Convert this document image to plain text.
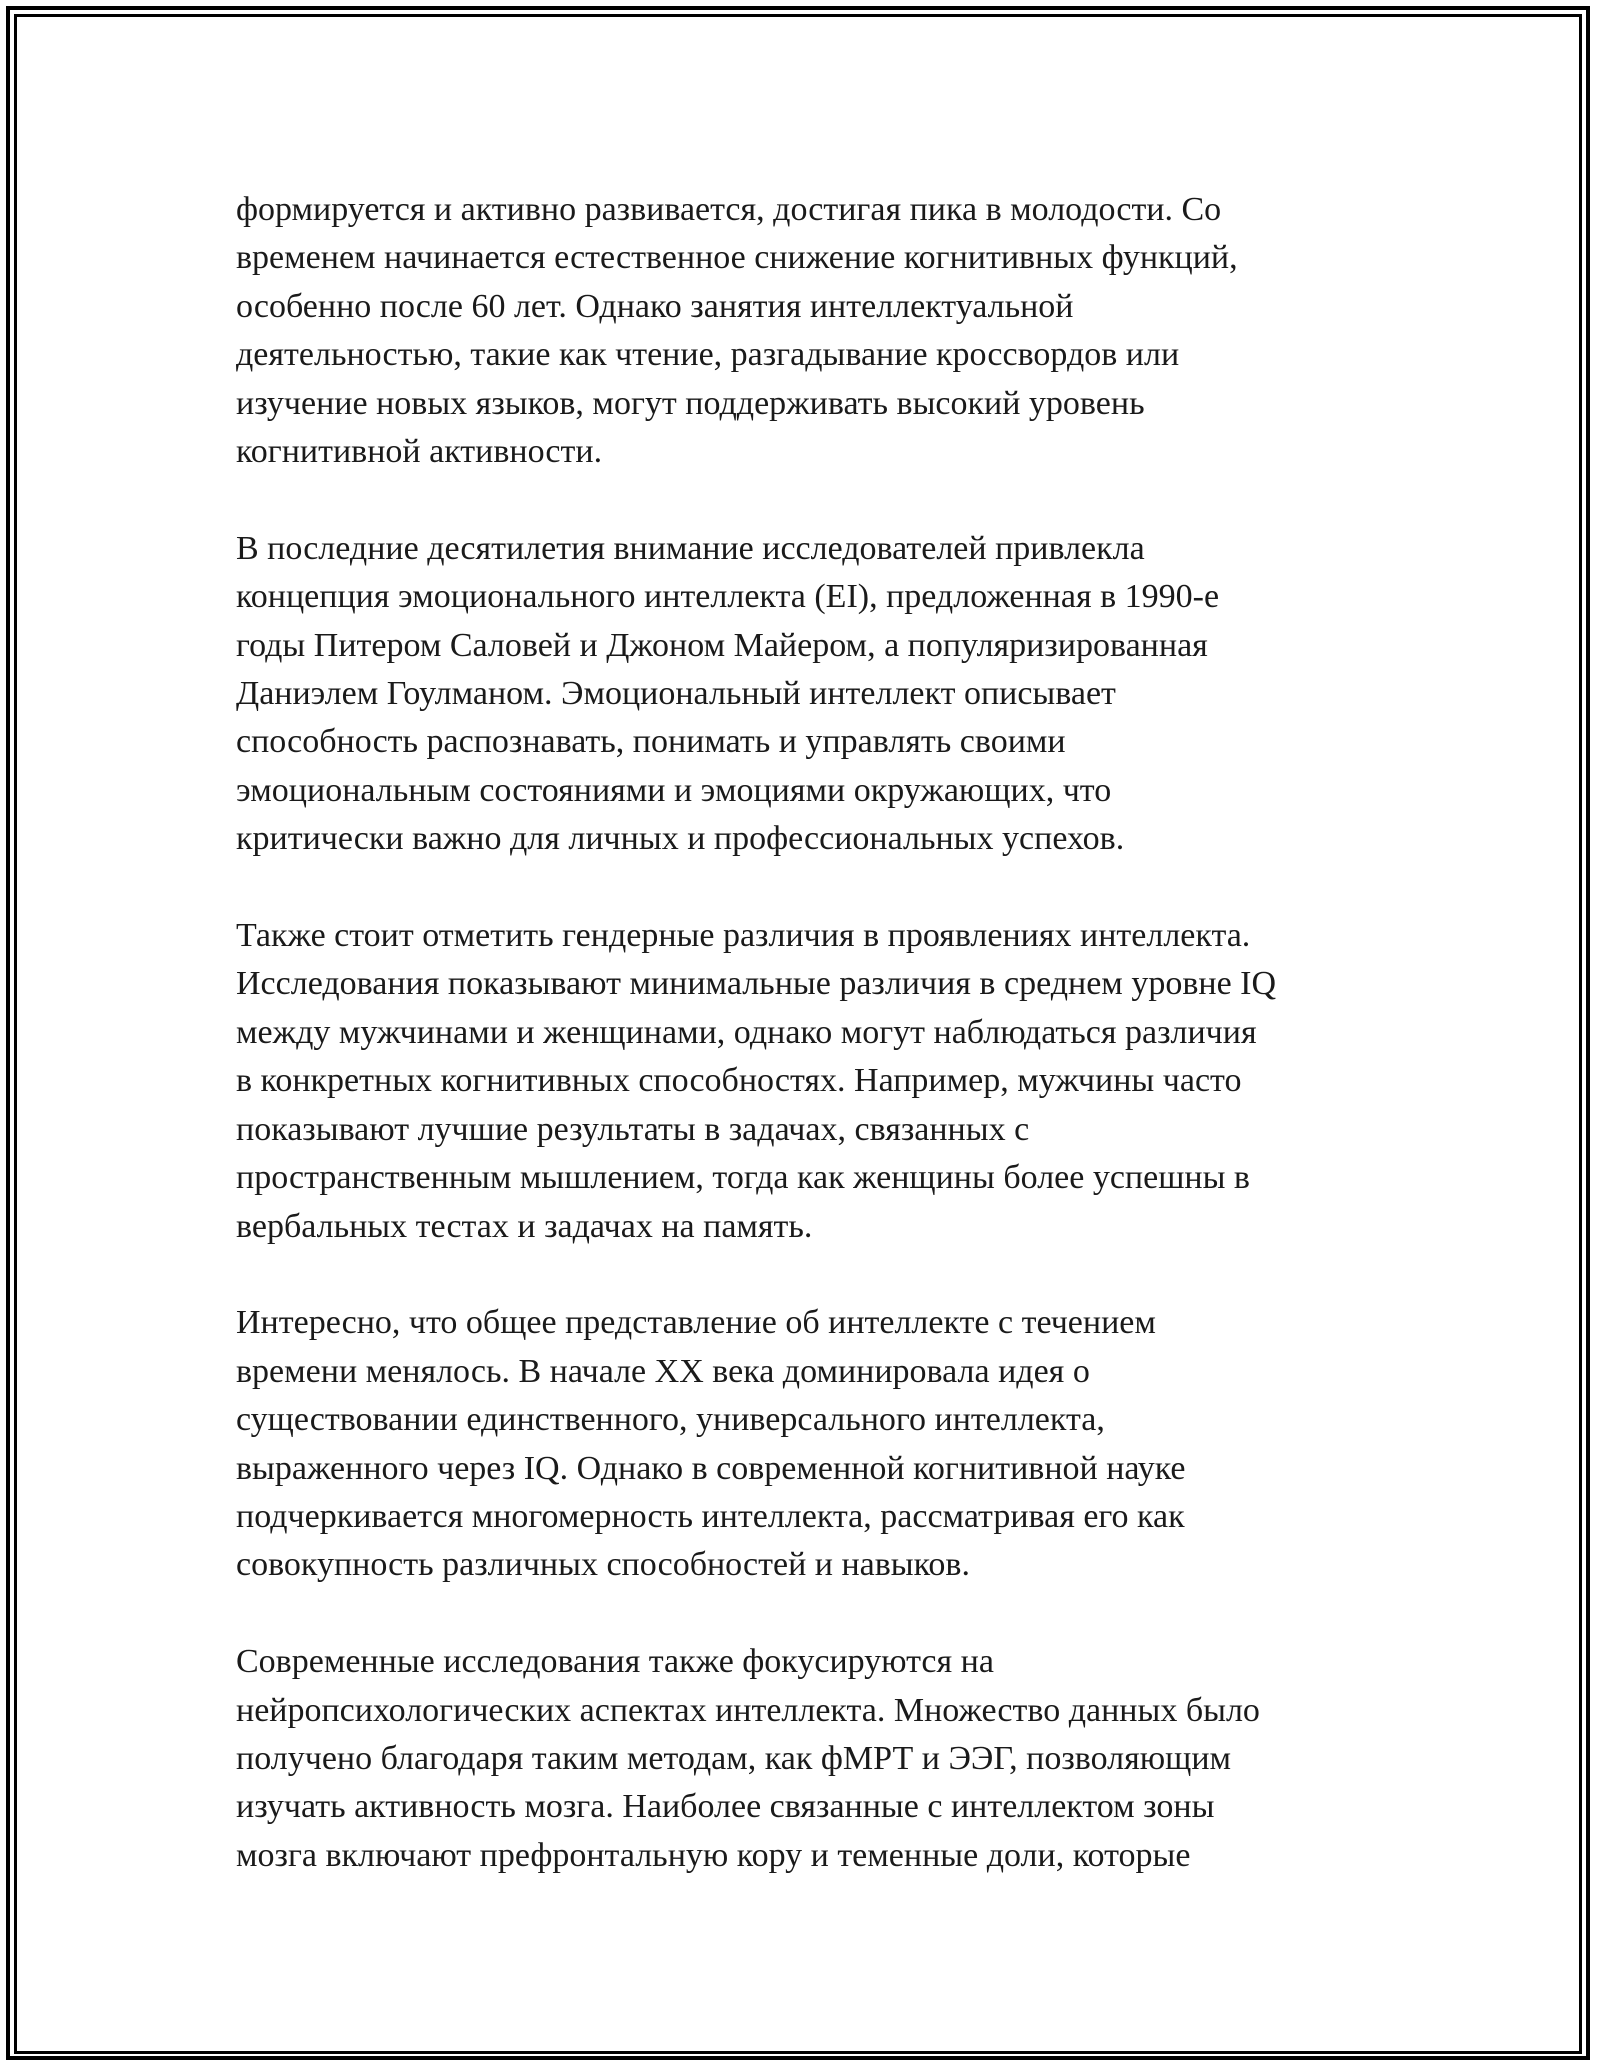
формируется и активно развивается, достигая пика в молодости. Со
временем начинается естественное снижение когнитивных функций,
особенно после 60 лет. Однако занятия интеллектуальной
деятельностью, такие как чтение, разгадывание кроссвордов или
изучение новых языков, могут поддерживать высокий уровень
когнитивной активности.

В последние десятилетия внимание исследователей привлекла
концепция эмоционального интеллекта (EI), предложенная в 1990-е
годы Питером Саловей и Джоном Майером, а популяризированная
Даниэлем Гоулманом. Эмоциональный интеллект описывает
способность распознавать, понимать и управлять своими
эмоциональным состояниями и эмоциями окружающих, что
критически важно для личных и профессиональных успехов.

Также стоит отметить гендерные различия в проявлениях интеллекта.
Исследования показывают минимальные различия в среднем уровне IQ
между мужчинами и женщинами, однако могут наблюдаться различия
в конкретных когнитивных способностях. Например, мужчины часто
показывают лучшие результаты в задачах, связанных с
пространственным мышлением, тогда как женщины более успешны в
вербальных тестах и задачах на память.

Интересно, что общее представление об интеллекте с течением
времени менялось. В начале XX века доминировала идея о
существовании единственного, универсального интеллекта,
выраженного через IQ. Однако в современной когнитивной науке
подчеркивается многомерность интеллекта, рассматривая его как
совокупность различных способностей и навыков.

Современные исследования также фокусируются на
нейропсихологических аспектах интеллекта. Множество данных было
получено благодаря таким методам, как фМРТ и ЭЭГ, позволяющим
изучать активность мозга. Наиболее связанные с интеллектом зоны
мозга включают префронтальную кору и теменные доли, которые
